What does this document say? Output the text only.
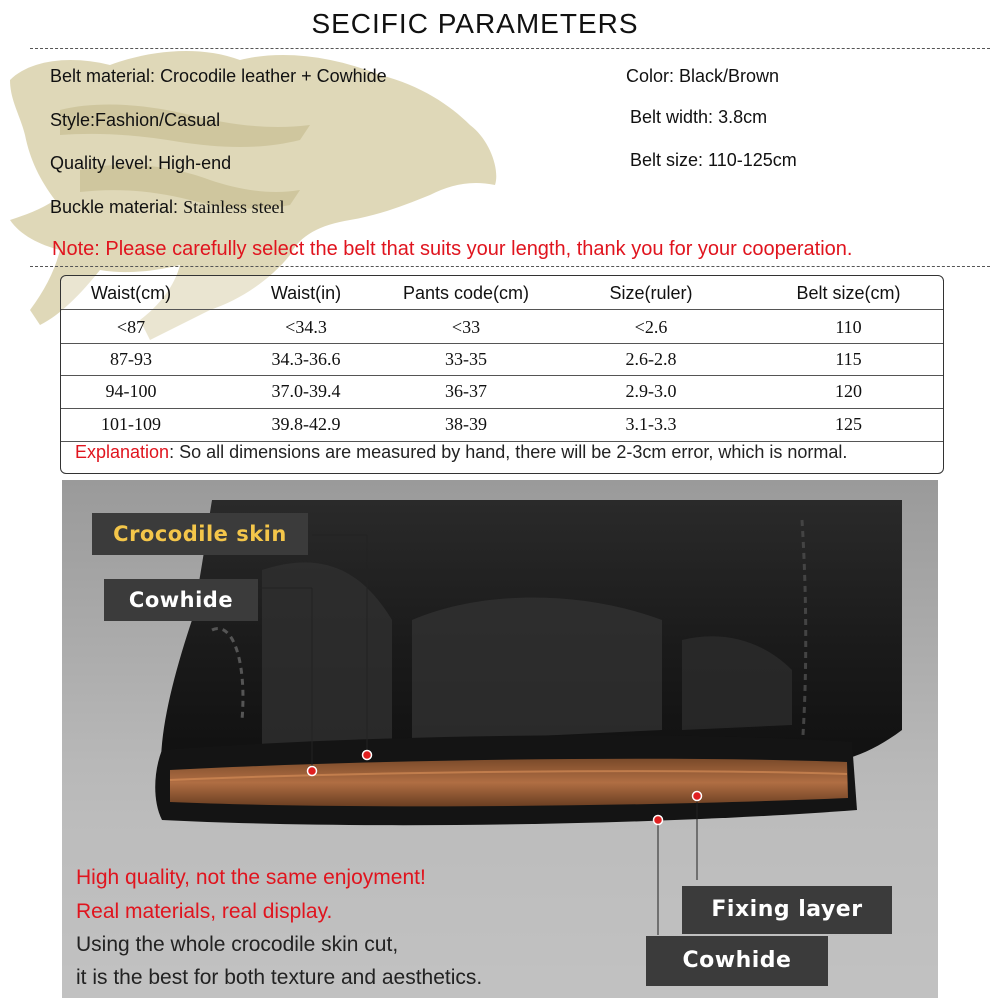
SECIFIC PARAMETERS
Belt material: Crocodile leather + Cowhide
Style:Fashion/Casual
Quality level: High-end
Buckle material: Stainless steel
Color: Black/Brown
Belt width: 3.8cm
Belt size: 110-125cm
Note: Please carefully select the belt that suits your length, thank you for your cooperation.
Waist(cm)	Waist(in)	Pants code(cm)	Size(ruler)	Belt size(cm)
<87	<34.3	<33	<2.6	110
87-93	34.3-36.6	33-35	2.6-2.8	115
94-100	37.0-39.4	36-37	2.9-3.0	120
101-109	39.8-42.9	38-39	3.1-3.3	125
Explanation: So all dimensions are measured by hand, there will be 2-3cm error, which is normal.
Crocodile skin
Cowhide
Fixing layer
Cowhide
High quality, not the same enjoyment!
Real materials, real display.
Using the whole crocodile skin cut,
it is the best for both texture and aesthetics.
